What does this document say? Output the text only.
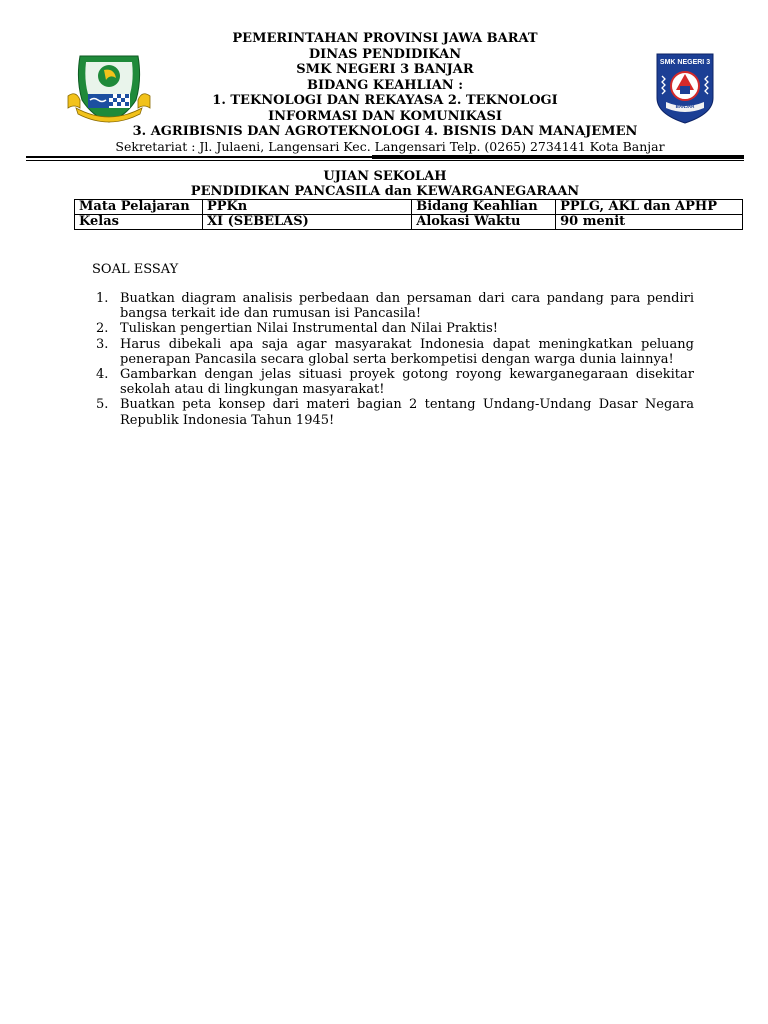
SMK NEGERI 3
BANJAR
PEMERINTAHAN PROVINSI JAWA BARAT
DINAS PENDIDIKAN
SMK NEGERI 3 BANJAR
BIDANG KEAHLIAN :
1. TEKNOLOGI DAN REKAYASA 2. TEKNOLOGI
INFORMASI DAN KOMUNIKASI
3. AGRIBISNIS DAN AGROTEKNOLOGI 4. BISNIS DAN MANAJEMEN
Sekretariat : Jl. Julaeni, Langensari Kec. Langensari Telp. (0265) 2734141 Kota Banjar
UJIAN SEKOLAH
PENDIDIKAN PANCASILA dan KEWARGANEGARAAN
Mata Pelajaran	PPKn	Bidang Keahlian	PPLG, AKL dan APHP
Kelas	XI (SEBELAS)	Alokasi Waktu	90 menit
SOAL ESSAY
1. Buatkan diagram analisis perbedaan dan persaman dari cara pandang para pendiri bangsa terkait ide dan rumusan isi Pancasila!
2. Tuliskan pengertian Nilai Instrumental dan Nilai Praktis!
3. Harus dibekali apa saja agar masyarakat Indonesia dapat meningkatkan peluang penerapan Pancasila secara global serta berkompetisi dengan warga dunia lainnya!
4. Gambarkan dengan jelas situasi proyek gotong royong kewarganegaraan disekitar sekolah atau di lingkungan masyarakat!
5. Buatkan peta konsep dari materi bagian 2 tentang Undang-Undang Dasar Negara Republik Indonesia Tahun 1945!
